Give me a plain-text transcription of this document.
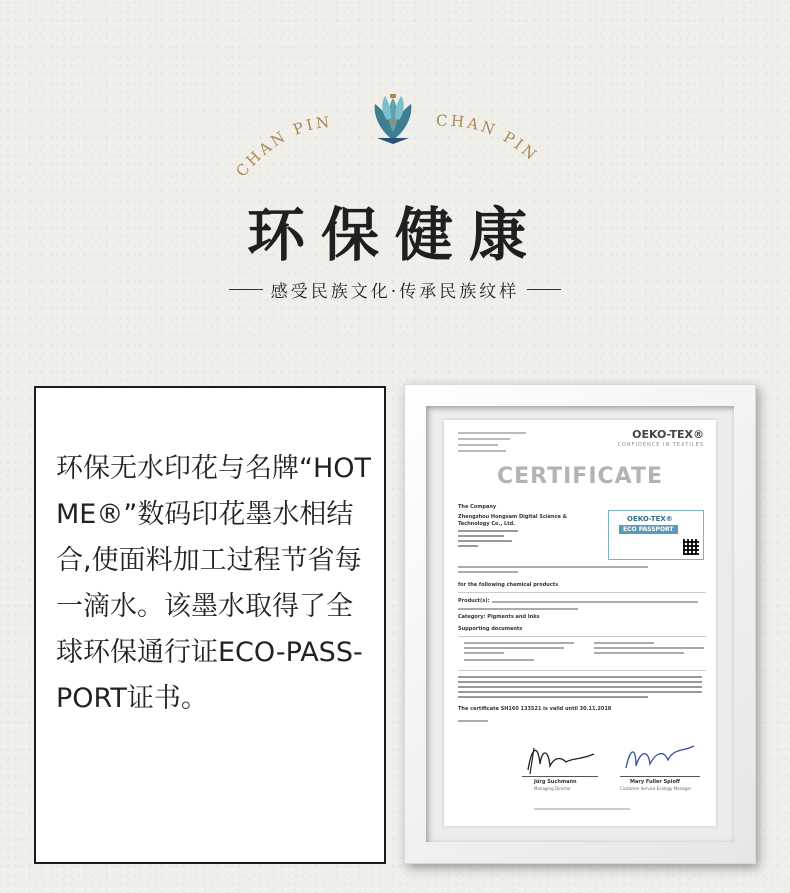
CHAN PIN	CHAN PIN
环保健康
感受民族文化·传承民族纹样

环保无水印花与名牌“HOTME®”数码印花墨水相结合,使面料加工过程节省每一滴水。该墨水取得了全球环保通行证ECO-PASS-PORT证书。

OEKO-TEX®
CONFIDENCE IN TEXTILES
CERTIFICATE
The Company
Zhengzhou Hongsam Digital Science & Technology Co., Ltd.
OEKO-TEX®
ECO PASSPORT
for the following chemical products
Product(s):
Category: Pigments and Inks
Supporting documents
The certificate SH160 133521 is valid until 30.11.2018
Jürg Suchmann
Managing Director
Mary Fuller Spioff
Customer Service Ecology Manager
